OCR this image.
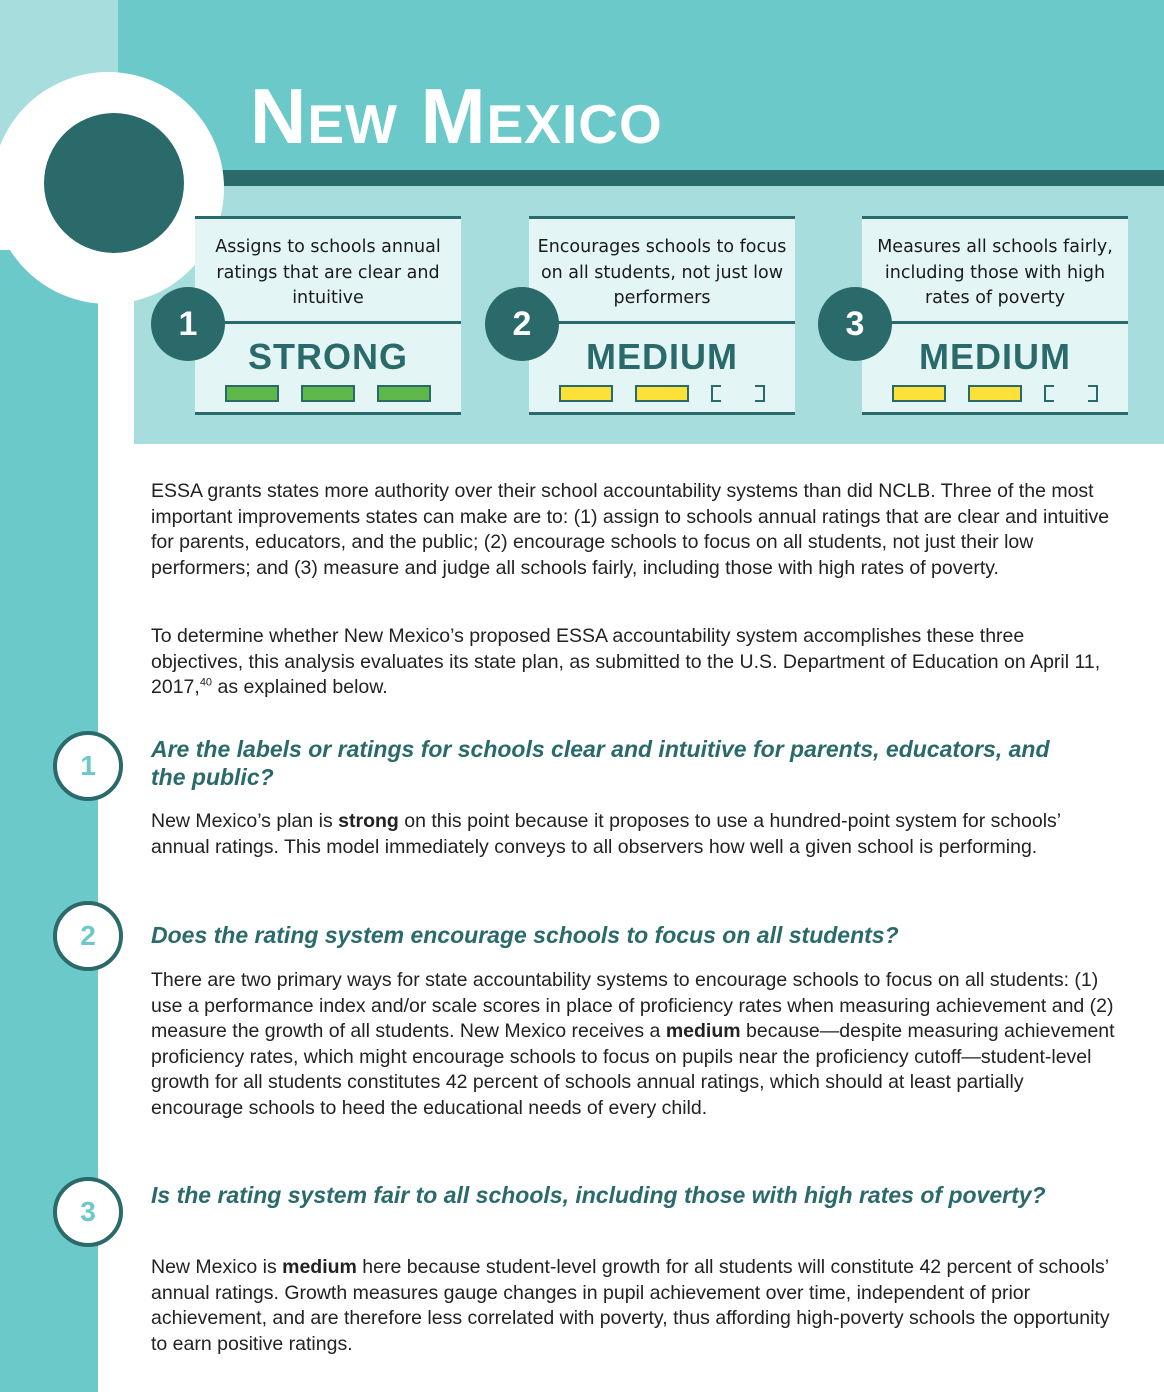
New Mexico
Assigns to schools annual ratings that are clear and intuitive
STRONG
1
Encourages schools to focus on all students, not just low performers
MEDIUM
2
Measures all schools fairly, including those with high rates of poverty
MEDIUM
3

ESSA grants states more authority over their school accountability systems than did NCLB. Three of the most important improvements states can make are to: (1) assign to schools annual ratings that are clear and intuitive for parents, educators, and the public; (2) encourage schools to focus on all students, not just their low performers; and (3) measure and judge all schools fairly, including those with high rates of poverty.

To determine whether New Mexico’s proposed ESSA accountability system accomplishes these three objectives, this analysis evaluates its state plan, as submitted to the U.S. Department of Education on April 11, 2017,40 as explained below.

1
Are the labels or ratings for schools clear and intuitive for parents, educators, and the public?

New Mexico’s plan is strong on this point because it proposes to use a hundred-point system for schools’ annual ratings. This model immediately conveys to all observers how well a given school is performing.

2	Does the rating system encourage schools to focus on all students?

There are two primary ways for state accountability systems to encourage schools to focus on all students: (1) use a performance index and/or scale scores in place of proficiency rates when measuring achievement and (2) measure the growth of all students. New Mexico receives a medium because—despite measuring achievement proficiency rates, which might encourage schools to focus on pupils near the proficiency cutoff—student-level growth for all students constitutes 42 percent of schools annual ratings, which should at least partially encourage schools to heed the educational needs of every child.

3
Is the rating system fair to all schools, including those with high rates of poverty?

New Mexico is medium here because student-level growth for all students will constitute 42 percent of schools’ annual ratings. Growth measures gauge changes in pupil achievement over time, independent of prior achievement, and are therefore less correlated with poverty, thus affording high-poverty schools the opportunity to earn positive ratings.
